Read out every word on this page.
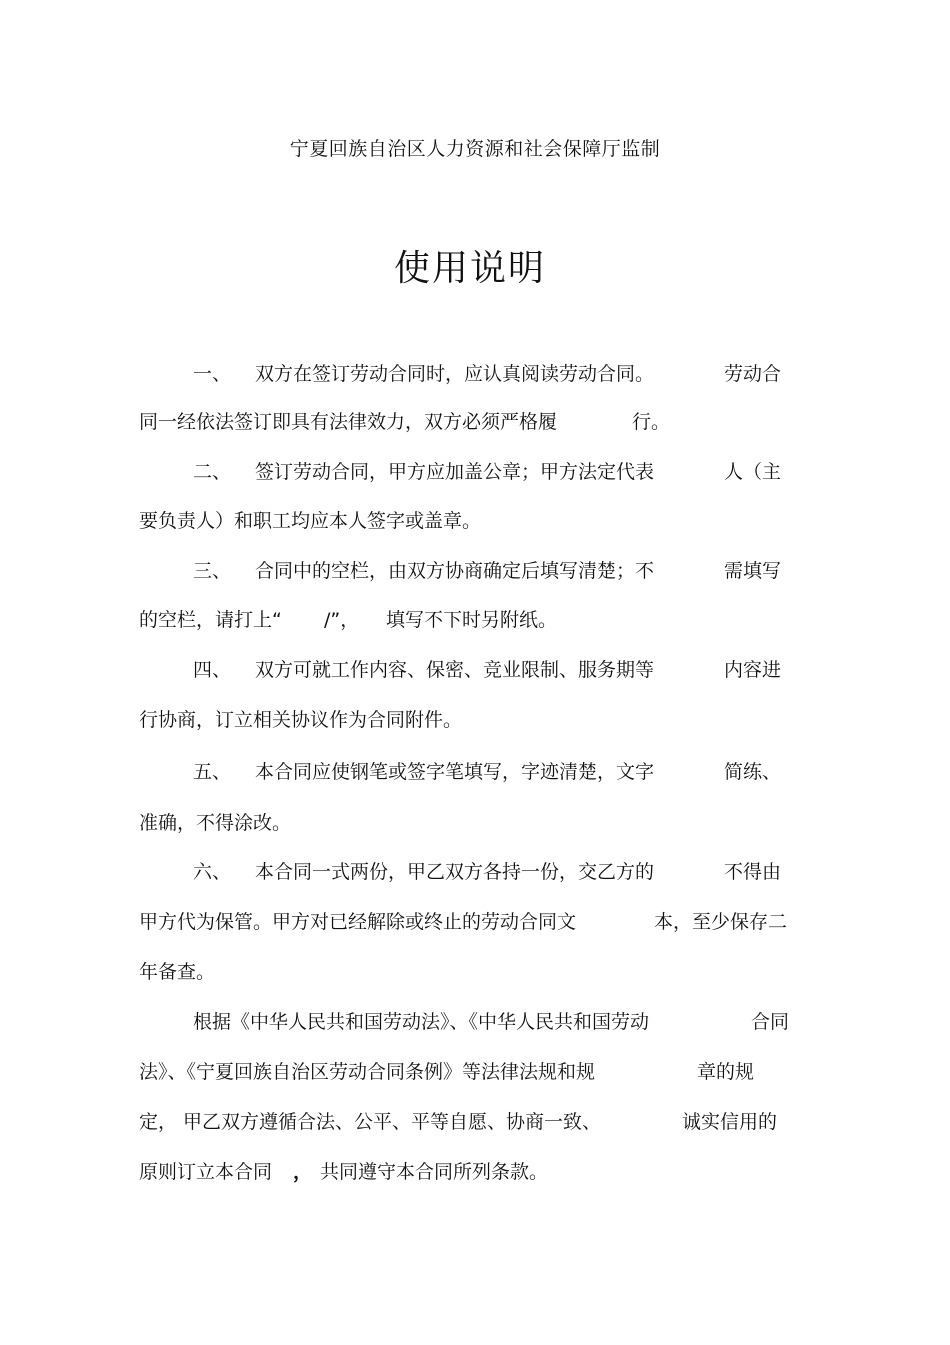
宁夏回族自治区人力资源和社会保障厅监制
使用说明
一、 双方在签订劳动合同时，应认真阅读劳动合同。	劳动合
同一经依法签订即具有法律效力，双方必须严格履	行。
二、 签订劳动合同，甲方应加盖公章；甲方法定代表	人（主
要负责人）和职工均应本人签字或盖章。
三、 合同中的空栏，由双方协商确定后填写清楚；不	需填写
的空栏，请打上“ /”， 填写不下时另附纸。
四、 双方可就工作内容、保密、竞业限制、服务期等	内容进
行协商，订立相关协议作为合同附件。
五、 本合同应使钢笔或签字笔填写，字迹清楚，文字	简练、
准确，不得涂改。
六、 本合同一式两份，甲乙双方各持一份，交乙方的	不得由
甲方代为保管。甲方对已经解除或终止的劳动合同文	本，至少保存二
年备查。
根据《中华人民共和国劳动法》、《中华人民共和国劳动	合同
法》、《宁夏回族自治区劳动合同条例》等法律法规和规	章的规
定， 甲乙双方遵循合法、公平、平等自愿、协商一致、	诚实信用的
原则订立本合同 ， 共同遵守本合同所列条款。
